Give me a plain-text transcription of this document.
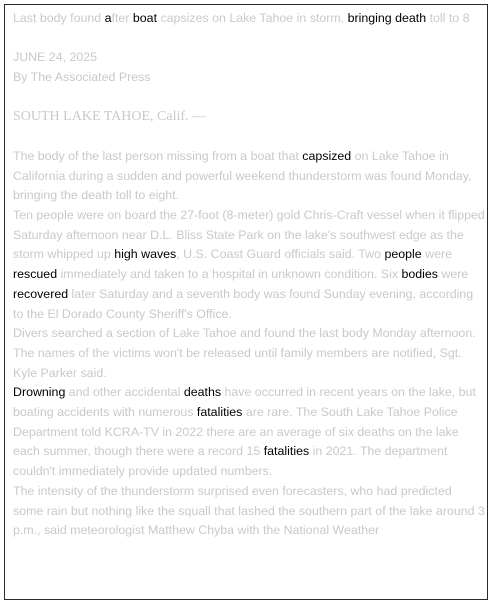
Last body found after boat capsizes on Lake Tahoe in storm, bringing death toll to 8

JUNE 24, 2025

By The Associated Press

SOUTH LAKE TAHOE, Calif. —

The body of the last person missing from a boat that capsized on Lake Tahoe in California during a sudden and powerful weekend thunderstorm was found Monday, bringing the death toll to eight.

Ten people were on board the 27-foot (8-meter) gold Chris-Craft vessel when it flipped Saturday afternoon near D.L. Bliss State Park on the lake's southwest edge as the storm whipped up high waves, U.S. Coast Guard officials said. Two people were rescued immediately and taken to a hospital in unknown condition. Six bodies were recovered later Saturday and a seventh body was found Sunday evening, according to the El Dorado County Sheriff's Office.

Divers searched a section of Lake Tahoe and found the last body Monday afternoon.

The names of the victims won't be released until family members are notified, Sgt. Kyle Parker said.

Drowning and other accidental deaths have occurred in recent years on the lake, but boating accidents with numerous fatalities are rare. The South Lake Tahoe Police Department told KCRA-TV in 2022 there are an average of six deaths on the lake each summer, though there were a record 15 fatalities in 2021. The department couldn't immediately provide updated numbers.

The intensity of the thunderstorm surprised even forecasters, who had predicted some rain but nothing like the squall that lashed the southern part of the lake around 3 p.m., said meteorologist Matthew Chyba with the National Weather
